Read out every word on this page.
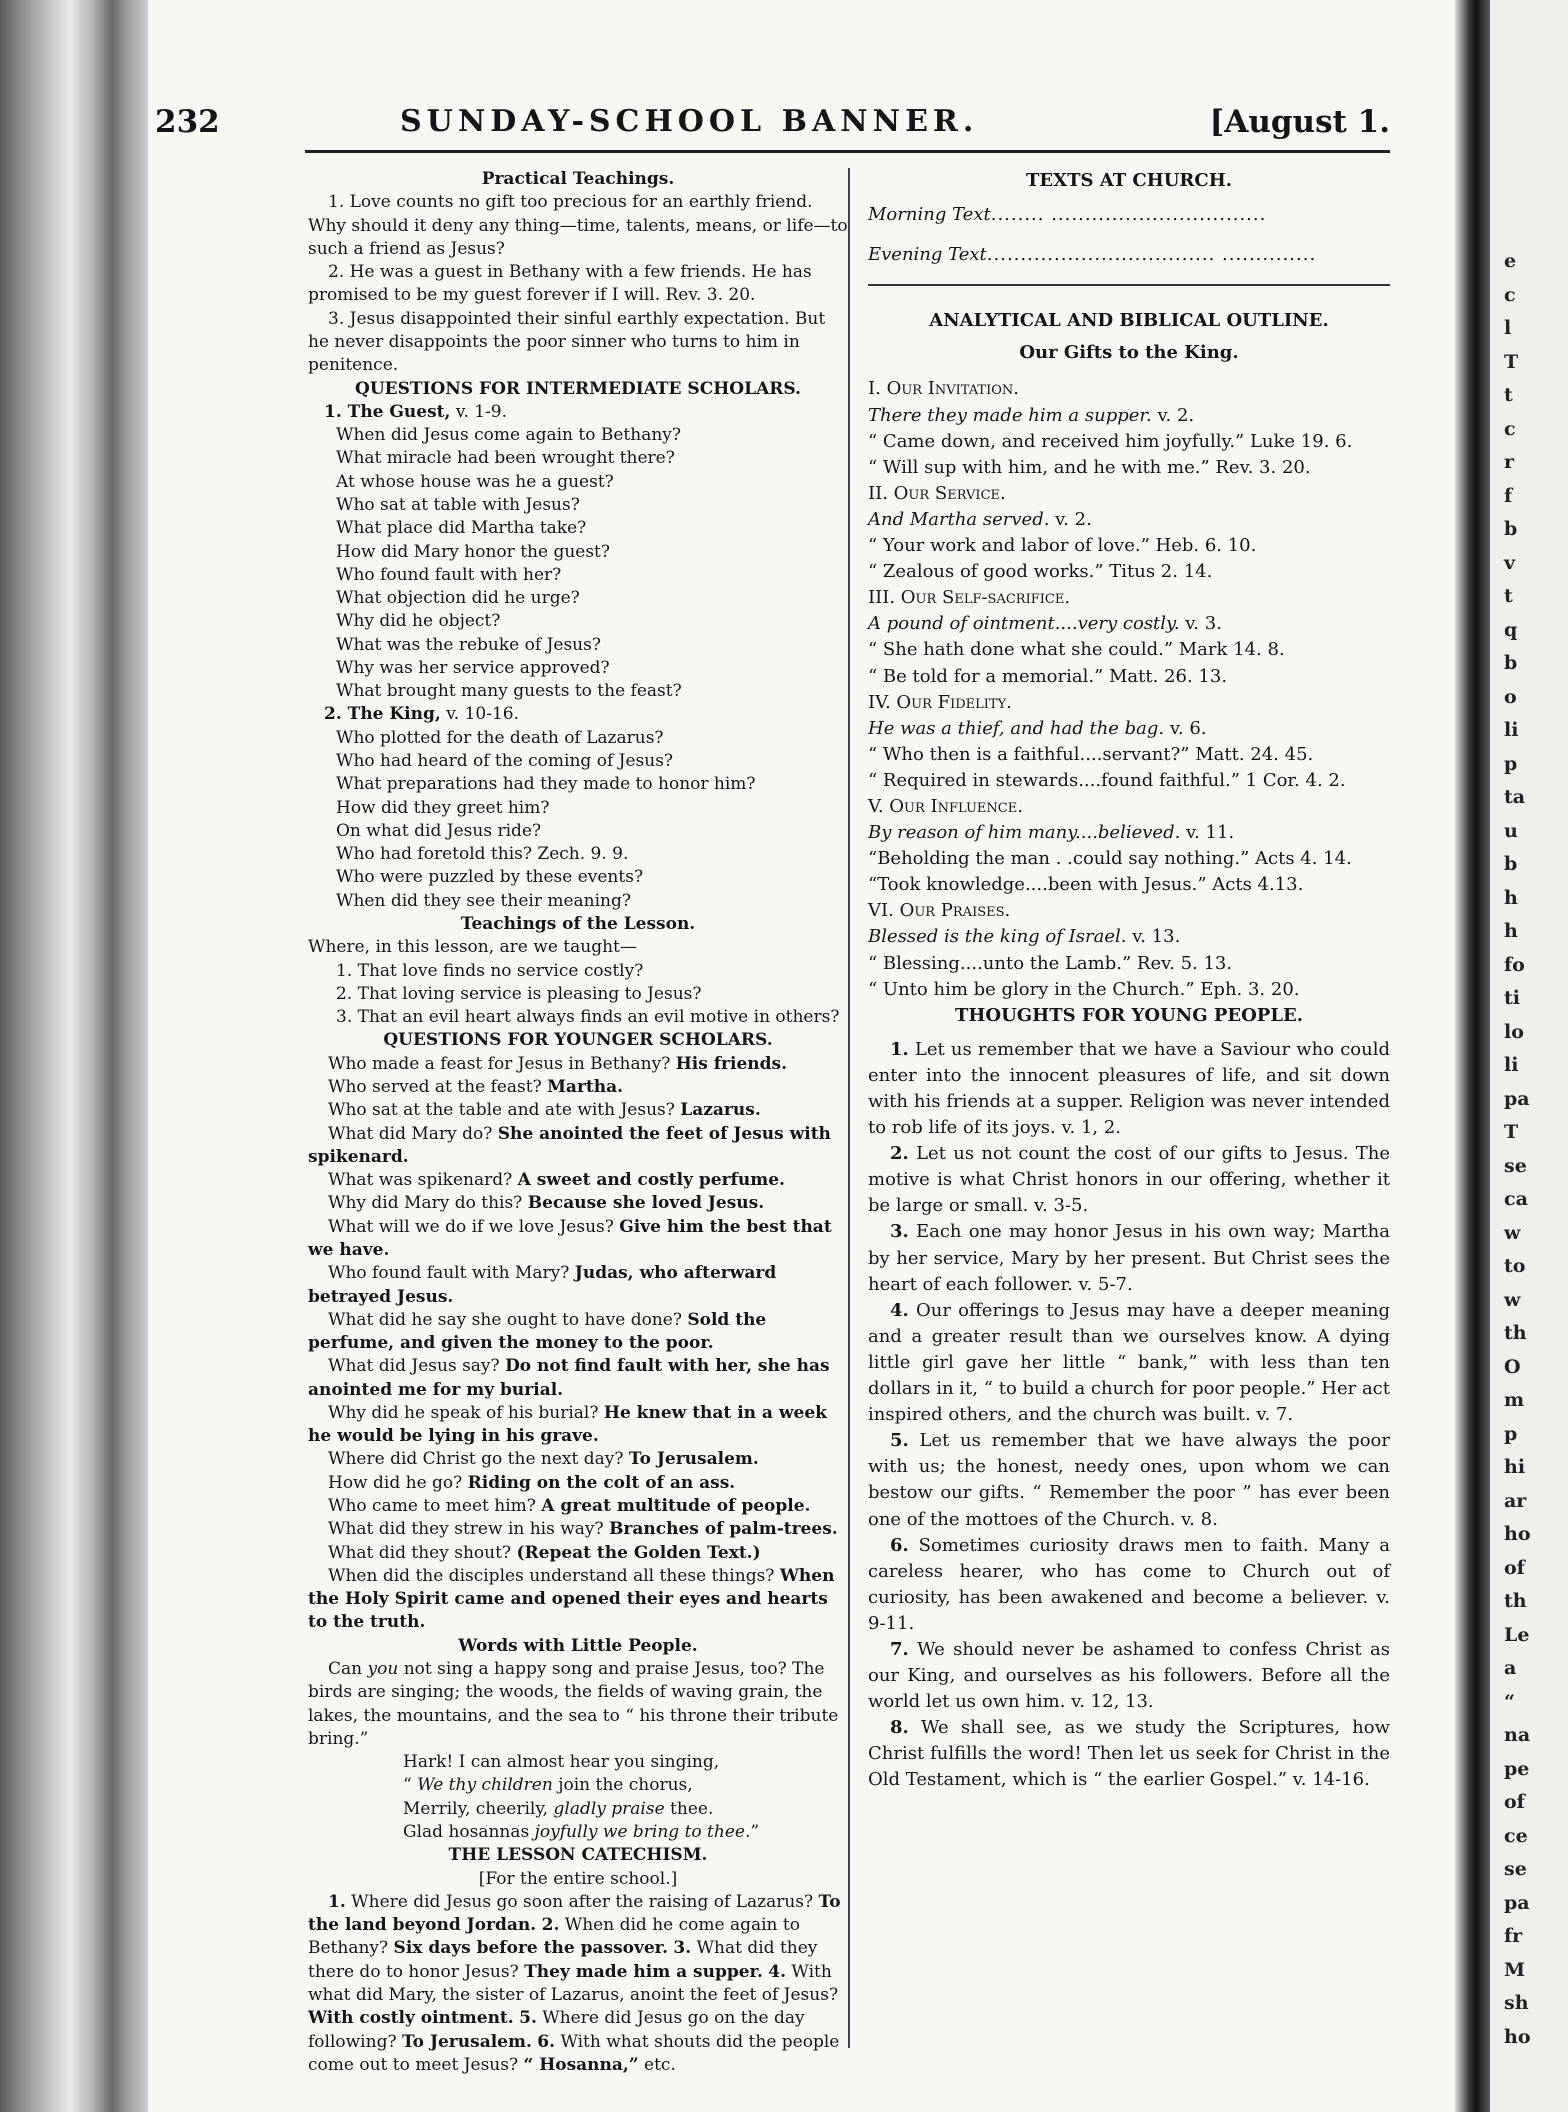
e
c
l
T
t
c
r
f
b
v
t
q
b
o
li
p
ta
u
b
h
h
fo
ti
lo
li
pa
T
se
ca
w
to
w
th
O
m
p
hi
ar
ho
of
th
Le
a
“
na
pe
of
ce
se
pa
fr
M
sh
ho
232	SUNDAY-SCHOOL BANNER.	[August 1.

Practical Teachings.

1. Love counts no gift too precious for an earthly friend. Why should it deny any thing—time, talents, means, or life—to such a friend as Jesus?

2. He was a guest in Bethany with a few friends. He has promised to be my guest forever if I will. Rev. 3. 20.

3. Jesus disappointed their sinful earthly expectation. But he never disappoints the poor sinner who turns to him in penitence.

QUESTIONS FOR INTERMEDIATE SCHOLARS.

1. The Guest, v. 1-9.

When did Jesus come again to Bethany?

What miracle had been wrought there?

At whose house was he a guest?

Who sat at table with Jesus?

What place did Martha take?

How did Mary honor the guest?

Who found fault with her?

What objection did he urge?

Why did he object?

What was the rebuke of Jesus?

Why was her service approved?

What brought many guests to the feast?

2. The King, v. 10-16.

Who plotted for the death of Lazarus?

Who had heard of the coming of Jesus?

What preparations had they made to honor him?

How did they greet him?

On what did Jesus ride?

Who had foretold this? Zech. 9. 9.

Who were puzzled by these events?

When did they see their meaning?

Teachings of the Lesson.

Where, in this lesson, are we taught—

1. That love finds no service costly?

2. That loving service is pleasing to Jesus?

3. That an evil heart always finds an evil motive in others?

QUESTIONS FOR YOUNGER SCHOLARS.

Who made a feast for Jesus in Bethany? His friends.

Who served at the feast? Martha.

Who sat at the table and ate with Jesus? Lazarus.

What did Mary do? She anointed the feet of Jesus with spikenard.

What was spikenard? A sweet and costly perfume.

Why did Mary do this? Because she loved Jesus.

What will we do if we love Jesus? Give him the best that we have.

Who found fault with Mary? Judas, who afterward betrayed Jesus.

What did he say she ought to have done? Sold the perfume, and given the money to the poor.

What did Jesus say? Do not find fault with her, she has anointed me for my burial.

Why did he speak of his burial? He knew that in a week he would be lying in his grave.

Where did Christ go the next day? To Jerusalem.

How did he go? Riding on the colt of an ass.

Who came to meet him? A great multitude of people.

What did they strew in his way? Branches of palm-trees.

What did they shout? (Repeat the Golden Text.)

When did the disciples understand all these things? When the Holy Spirit came and opened their eyes and hearts to the truth.

Words with Little People.

Can you not sing a happy song and praise Jesus, too? The birds are singing; the woods, the fields of waving grain, the lakes, the mountains, and the sea to “ his throne their tribute bring.”

Hark! I can almost hear you singing,

“ We thy children join the chorus,

Merrily, cheerily, gladly praise thee.

Glad hosannas joyfully we bring to thee.”

THE LESSON CATECHISM.

[For the entire school.]

1. Where did Jesus go soon after the raising of Lazarus? To the land beyond Jordan. 2. When did he come again to Bethany? Six days before the passover. 3. What did they there do to honor Jesus? They made him a supper. 4. With what did Mary, the sister of Lazarus, anoint the feet of Jesus? With costly ointment. 5. Where did Jesus go on the day following? To Jerusalem. 6. With what shouts did the people come out to meet Jesus? “ Hosanna,” etc.

TEXTS AT CHURCH.

Morning Text........ ................................

Evening Text.................................. ..............

ANALYTICAL AND BIBLICAL OUTLINE.

Our Gifts to the King.

I. Our Invitation.

There they made him a supper. v. 2.

“ Came down, and received him joyfully.” Luke 19. 6.

“ Will sup with him, and he with me.” Rev. 3. 20.

II. Our Service.

And Martha served. v. 2.

“ Your work and labor of love.” Heb. 6. 10.

“ Zealous of good works.” Titus 2. 14.

III. Our Self-sacrifice.

A pound of ointment....very costly. v. 3.

“ She hath done what she could.” Mark 14. 8.

“ Be told for a memorial.” Matt. 26. 13.

IV. Our Fidelity.

He was a thief, and had the bag. v. 6.

“ Who then is a faithful....servant?” Matt. 24. 45.

“ Required in stewards....found faithful.” 1 Cor. 4. 2.

V. Our Influence.

By reason of him many....believed. v. 11.

“Beholding the man . .could say nothing.” Acts 4. 14.

“Took knowledge....been with Jesus.” Acts 4.13.

VI. Our Praises.

Blessed is the king of Israel. v. 13.

“ Blessing....unto the Lamb.” Rev. 5. 13.

“ Unto him be glory in the Church.” Eph. 3. 20.

THOUGHTS FOR YOUNG PEOPLE.

1. Let us remember that we have a Saviour who could enter into the innocent pleasures of life, and sit down with his friends at a supper. Religion was never intended to rob life of its joys. v. 1, 2.

2. Let us not count the cost of our gifts to Jesus. The motive is what Christ honors in our offering, whether it be large or small. v. 3-5.

3. Each one may honor Jesus in his own way; Martha by her service, Mary by her present. But Christ sees the heart of each follower. v. 5-7.

4. Our offerings to Jesus may have a deeper meaning and a greater result than we ourselves know. A dying little girl gave her little “ bank,” with less than ten dollars in it, “ to build a church for poor people.” Her act inspired others, and the church was built. v. 7.

5. Let us remember that we have always the poor with us; the honest, needy ones, upon whom we can bestow our gifts. “ Remember the poor ” has ever been one of the mottoes of the Church. v. 8.

6. Sometimes curiosity draws men to faith. Many a careless hearer, who has come to Church out of curiosity, has been awakened and become a believer. v. 9-11.

7. We should never be ashamed to confess Christ as our King, and ourselves as his followers. Before all the world let us own him. v. 12, 13.

8. We shall see, as we study the Scriptures, how Christ fulfills the word! Then let us seek for Christ in the Old Testament, which is “ the earlier Gospel.” v. 14-16.
